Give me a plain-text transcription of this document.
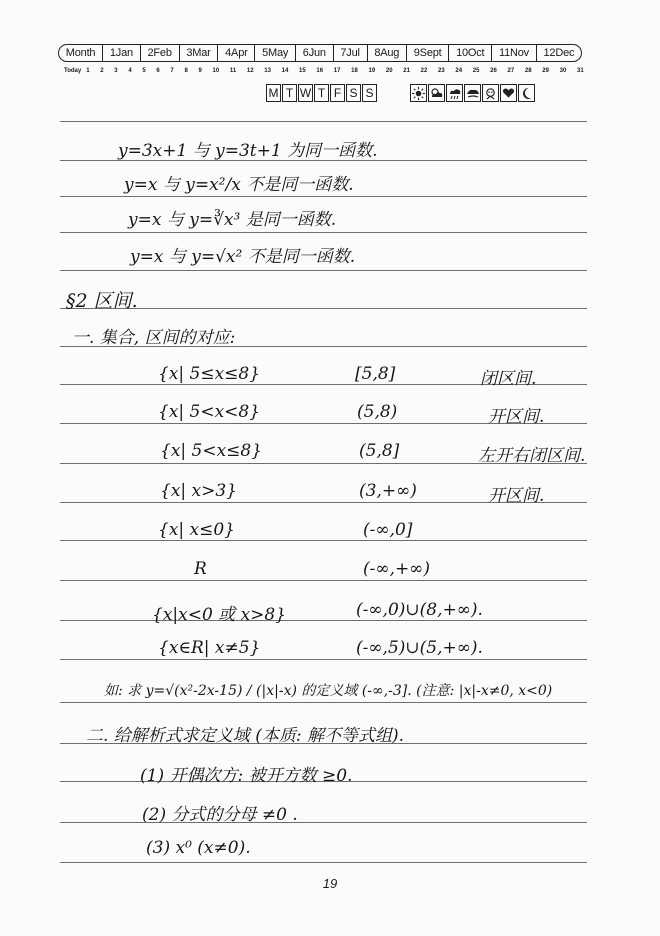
Month	1Jan	2Feb	3Mar	4Apr	5May	6Jun	7Jul	8Aug	9Sept	10Oct	11Nov	12Dec
Today 1 2 3 4 5 6 7 8 9 10 11 12 13 14 15 16 17 18 19 20 21 22 23 24 25 26 27 28 29 30 31
M T W T F S S
y=3x+1 与 y=3t+1 为同一函数.
y=x 与 y=x²/x 不是同一函数.
y=x 与 y=∛x³ 是同一函数.
y=x 与 y=√x² 不是同一函数.
§2 区间.
一. 集合, 区间的对应:
{x| 5≤x≤8}	[5,8]	闭区间.
{x| 5<x<8}	(5,8)	开区间.
{x| 5<x≤8}	(5,8]	左开右闭区间.
{x| x>3}	(3,+∞)	开区间.
{x| x≤0}	(-∞,0]
R	(-∞,+∞)
{x|x<0 或 x>8}	(-∞,0)∪(8,+∞).
{x∈R| x≠5}	(-∞,5)∪(5,+∞).
如: 求 y=√(x²-2x-15) / (|x|-x) 的定义域 (-∞,-3]. (注意: |x|-x≠0, x<0)
二. 给解析式求定义域 (本质: 解不等式组).
(1) 开偶次方: 被开方数 ≥0.
(2) 分式的分母 ≠0 .
(3) x⁰ (x≠0).
19
